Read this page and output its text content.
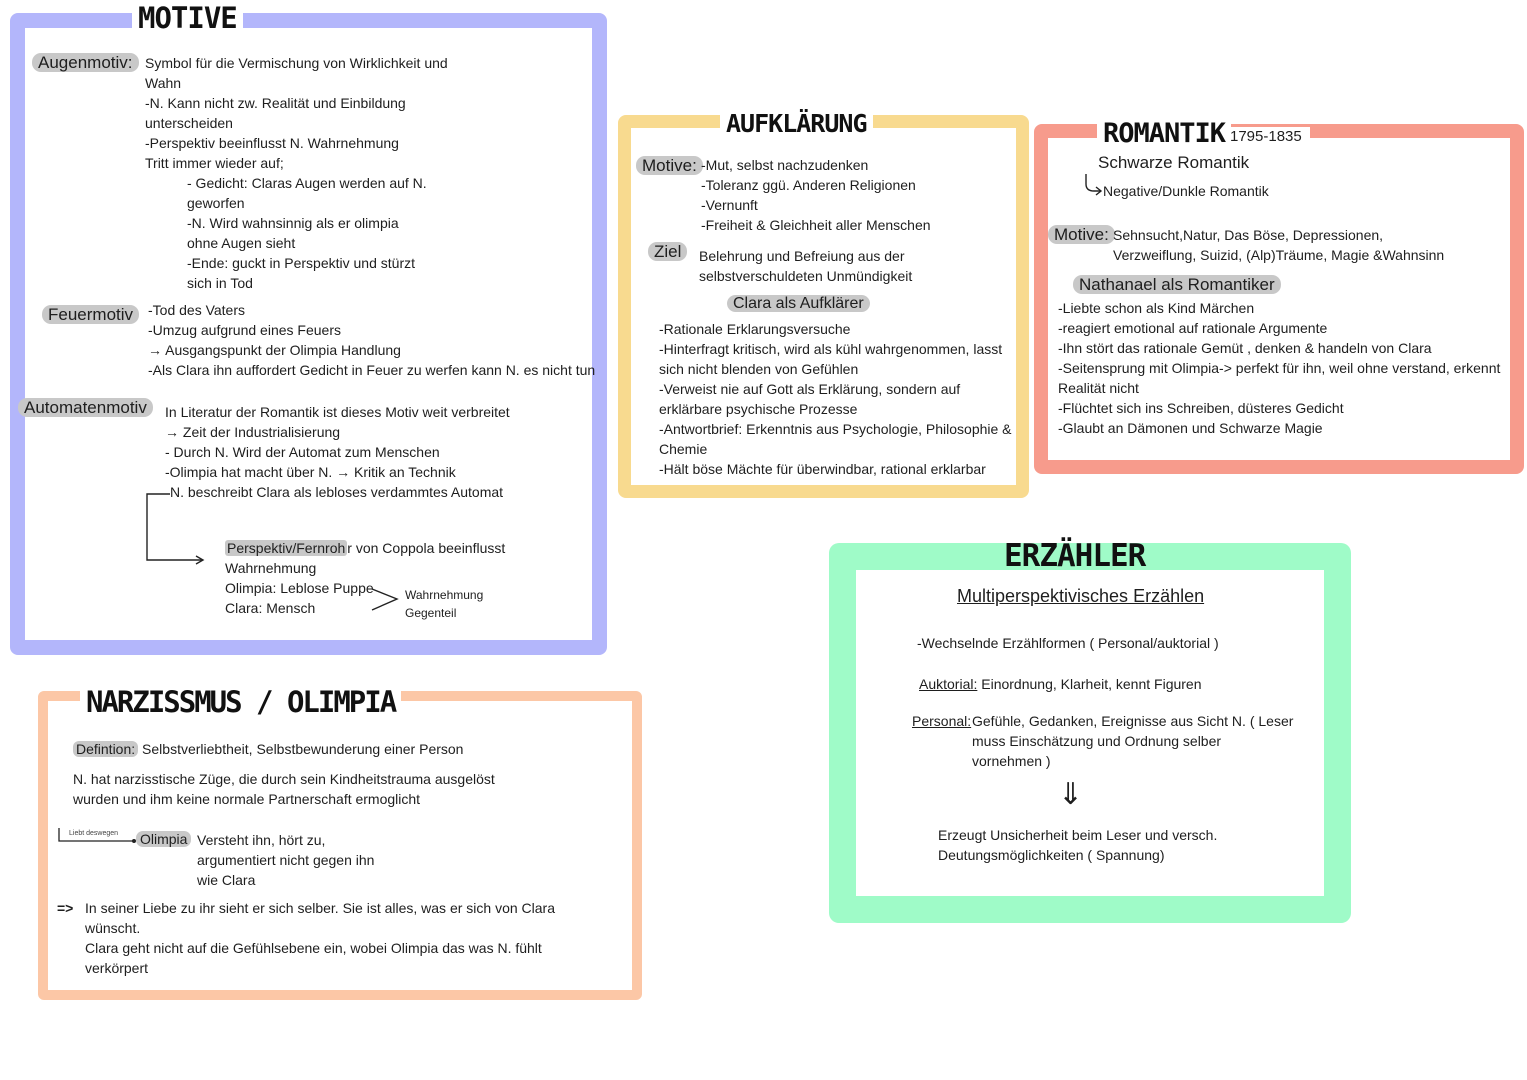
MOTIVE
Augenmotiv: Symbol für die Vermischung von Wirklichkeit und
Wahn
-N. Kann nicht zw. Realität und Einbildung
unterscheiden
-Perspektiv beeinflusst N. Wahrnehmung
Tritt immer wieder auf;
- Gedicht: Claras Augen werden auf N.
geworfen
-N. Wird wahnsinnig als er olimpia
ohne Augen sieht
-Ende: guckt in Perspektiv und stürzt
sich in Tod
Feuermotiv	-Tod des Vaters
-Umzug aufgrund eines Feuers
→ Ausgangspunkt der Olimpia Handlung
-Als Clara ihn auffordert Gedicht in Feuer zu werfen kann N. es nicht tun
Automatenmotiv	In Literatur der Romantik ist dieses Motiv weit verbreitet
→ Zeit der Industrialisierung
- Durch N. Wird der Automat zum Menschen
-Olimpia hat macht über N. → Kritik an Technik
N. beschreibt Clara als lebloses verdammtes Automat
Perspektiv/Fernroh r von Coppola beeinflusst
Wahrnehmung
Olimpia: Leblose Puppe
Clara: Mensch
Wahrnehmung
Gegenteil
AUFKLÄRUNG
Motive: -Mut, selbst nachzudenken
-Toleranz ggü. Anderen Religionen
-Vernunft
-Freiheit & Gleichheit aller Menschen
Ziel	Belehrung und Befreiung aus der
selbstverschuldeten Unmündigkeit
Clara als Aufklärer
-Rationale Erklarungsversuche
-Hinterfragt kritisch, wird als kühl wahrgenommen, lasst
sich nicht blenden von Gefühlen
-Verweist nie auf Gott als Erklärung, sondern auf
erklärbare psychische Prozesse
-Antwortbrief: Erkenntnis aus Psychologie, Philosophie &
Chemie
-Hält böse Mächte für überwindbar, rational erklarbar
ROMANTIK 1795-1835
Schwarze Romantik
Negative/Dunkle Romantik
Motive: Sehnsucht,Natur, Das Böse, Depressionen,
Verzweiflung, Suizid, (Alp)Träume, Magie &Wahnsinn
Nathanael als Romantiker
-Liebte schon als Kind Märchen
-reagiert emotional auf rationale Argumente
-Ihn stört das rationale Gemüt , denken & handeln von Clara
-Seitensprung mit Olimpia-> perfekt für ihn, weil ohne verstand, erkennt
Realität nicht
-Flüchtet sich ins Schreiben, düsteres Gedicht
-Glaubt an Dämonen und Schwarze Magie
ERZÄHLER
Multiperspektivisches Erzählen
-Wechselnde Erzählformen ( Personal/auktorial )
Auktorial: Einordnung, Klarheit, kennt Figuren
Personal: Gefühle, Gedanken, Ereignisse aus Sicht N. ( Leser
muss Einschätzung und Ordnung selber
vornehmen )
⇓
Erzeugt Unsicherheit beim Leser und versch.
Deutungsmöglichkeiten ( Spannung)
NARZISSMUS / OLIMPIA
Defintion: Selbstverliebtheit, Selbstbewunderung einer Person
N. hat narzisstische Züge, die durch sein Kindheitstrauma ausgelöst
wurden und ihm keine normale Partnerschaft ermoglicht
Liebt deswegen Olimpia Versteht ihn, hört zu,
argumentiert nicht gegen ihn
wie Clara
=> In seiner Liebe zu ihr sieht er sich selber. Sie ist alles, was er sich von Clara
wünscht.
Clara geht nicht auf die Gefühlsebene ein, wobei Olimpia das was N. fühlt
verkörpert
